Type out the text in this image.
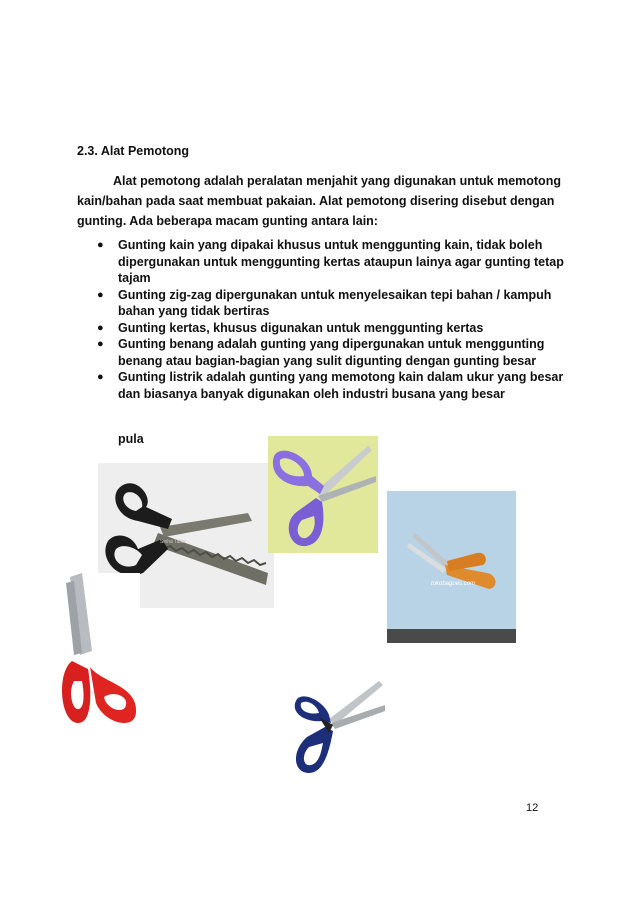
2.3. Alat Pemotong
Alat pemotong adalah peralatan menjahit yang digunakan untuk memotong kain/bahan pada saat membuat pakaian. Alat pemotong disering disebut dengan gunting. Ada beberapa macam gunting antara lain:
● Gunting kain yang dipakai khusus untuk menggunting kain, tidak boleh dipergunakan untuk menggunting kertas ataupun lainya agar gunting tetap tajam
● Gunting zig-zag dipergunakan untuk menyelesaikan tepi bahan / kampuh bahan yang tidak bertiras
● Gunting kertas, khusus digunakan untuk menggunting kertas
● Gunting benang adalah gunting yang dipergunakan untuk menggunting benang atau bagian-bagian yang sulit digunting dengan gunting besar
● Gunting listrik adalah gunting yang memotong kain dalam ukur yang besar dan biasanya banyak digunakan oleh industri busana yang besar
pula
Sinha Tailor
tokobagoes.com
12
